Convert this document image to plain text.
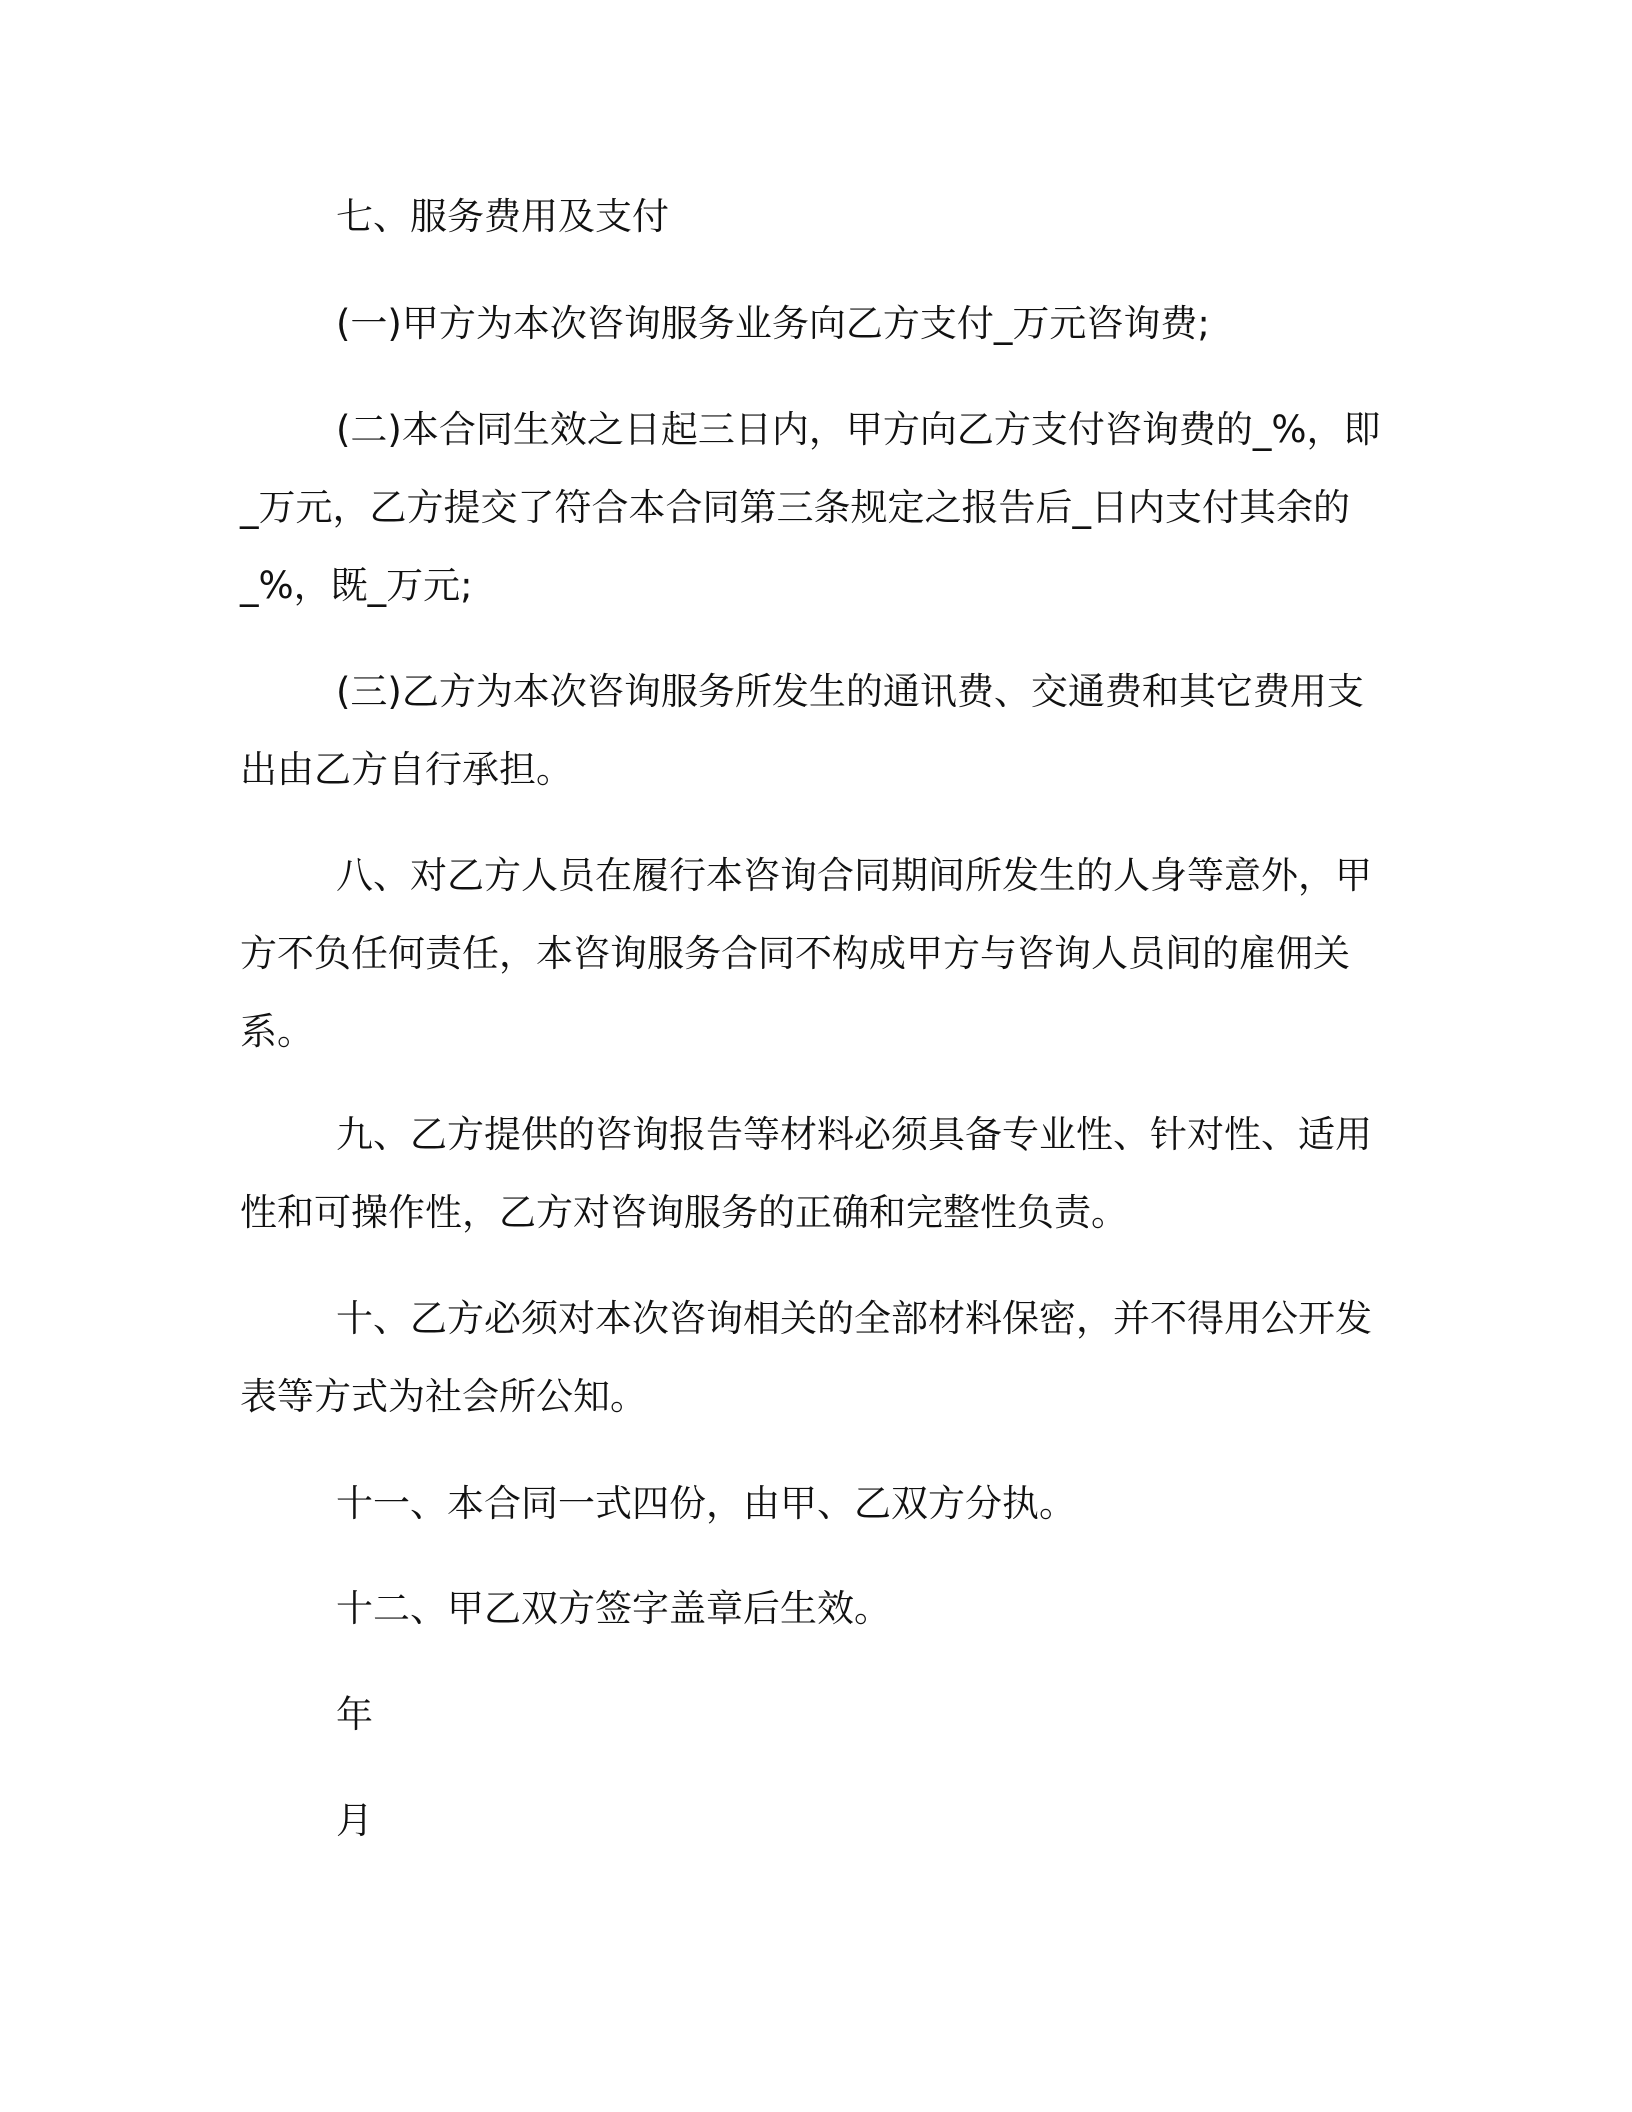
七、服务费用及支付

(一)甲方为本次咨询服务业务向乙方支付_万元咨询费;

(二)本合同生效之日起三日内，甲方向乙方支付咨询费的_%，即
_万元，乙方提交了符合本合同第三条规定之报告后_日内支付其余的
_%，既_万元;

(三)乙方为本次咨询服务所发生的通讯费、交通费和其它费用支
出由乙方自行承担。

八、对乙方人员在履行本咨询合同期间所发生的人身等意外，甲
方不负任何责任，本咨询服务合同不构成甲方与咨询人员间的雇佣关
系。

九、乙方提供的咨询报告等材料必须具备专业性、针对性、适用
性和可操作性，乙方对咨询服务的正确和完整性负责。

十、乙方必须对本次咨询相关的全部材料保密，并不得用公开发
表等方式为社会所公知。

十一、本合同一式四份，由甲、乙双方分执。

十二、甲乙双方签字盖章后生效。

年

月
